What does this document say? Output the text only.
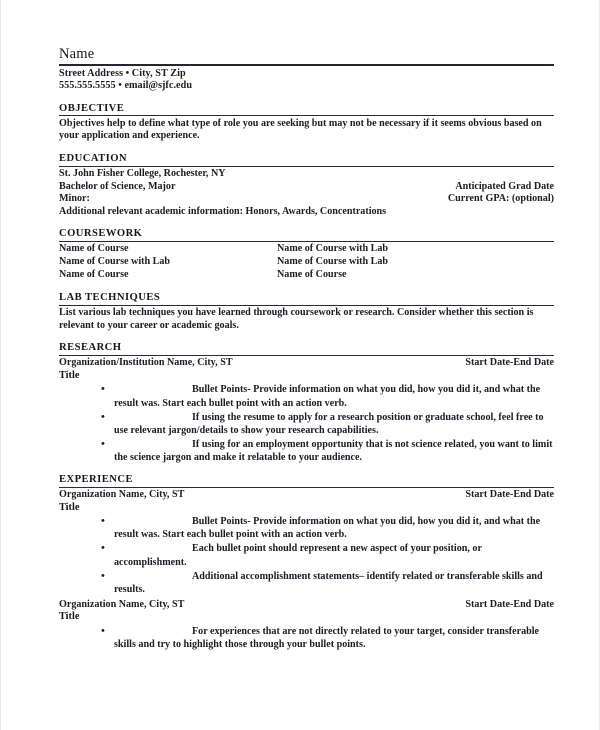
Name
Street Address • City, ST Zip
555.555.5555 • email@sjfc.edu
OBJECTIVE

Objectives help to define what type of role you are seeking but may not be necessary if it seems obvious based on your application and experience.

EDUCATION
St. John Fisher College, Rochester, NY
Bachelor of Science, Major	Anticipated Grad Date
Minor:	Current GPA: (optional)
Additional relevant academic information: Honors, Awards, Concentrations
COURSEWORK
Name of Course	Name of Course with Lab
Name of Course with Lab	Name of Course with Lab
Name of Course	Name of Course
LAB TECHNIQUES

List various lab techniques you have learned through coursework or research. Consider whether this section is relevant to your career or academic goals.

RESEARCH
Organization/Institution Name, City, ST	Start Date-End Date
Title
•	Bullet Points- Provide information on what you did, how you did it, and what the result was. Start each bullet point with an action verb.
•	If using the resume to apply for a research position or graduate school, feel free to use relevant jargon/details to show your research capabilities.
•	If using for an employment opportunity that is not science related, you want to limit the science jargon and make it relatable to your audience.
EXPERIENCE
Organization Name, City, ST	Start Date-End Date
Title
•	Bullet Points- Provide information on what you did, how you did it, and what the result was. Start each bullet point with an action verb.
•	Each bullet point should represent a new aspect of your position, or accomplishment.
•	Additional accomplishment statements– identify related or transferable skills and results.
Organization Name, City, ST	Start Date-End Date
Title
•	For experiences that are not directly related to your target, consider transferable skills and try to highlight those through your bullet points.
